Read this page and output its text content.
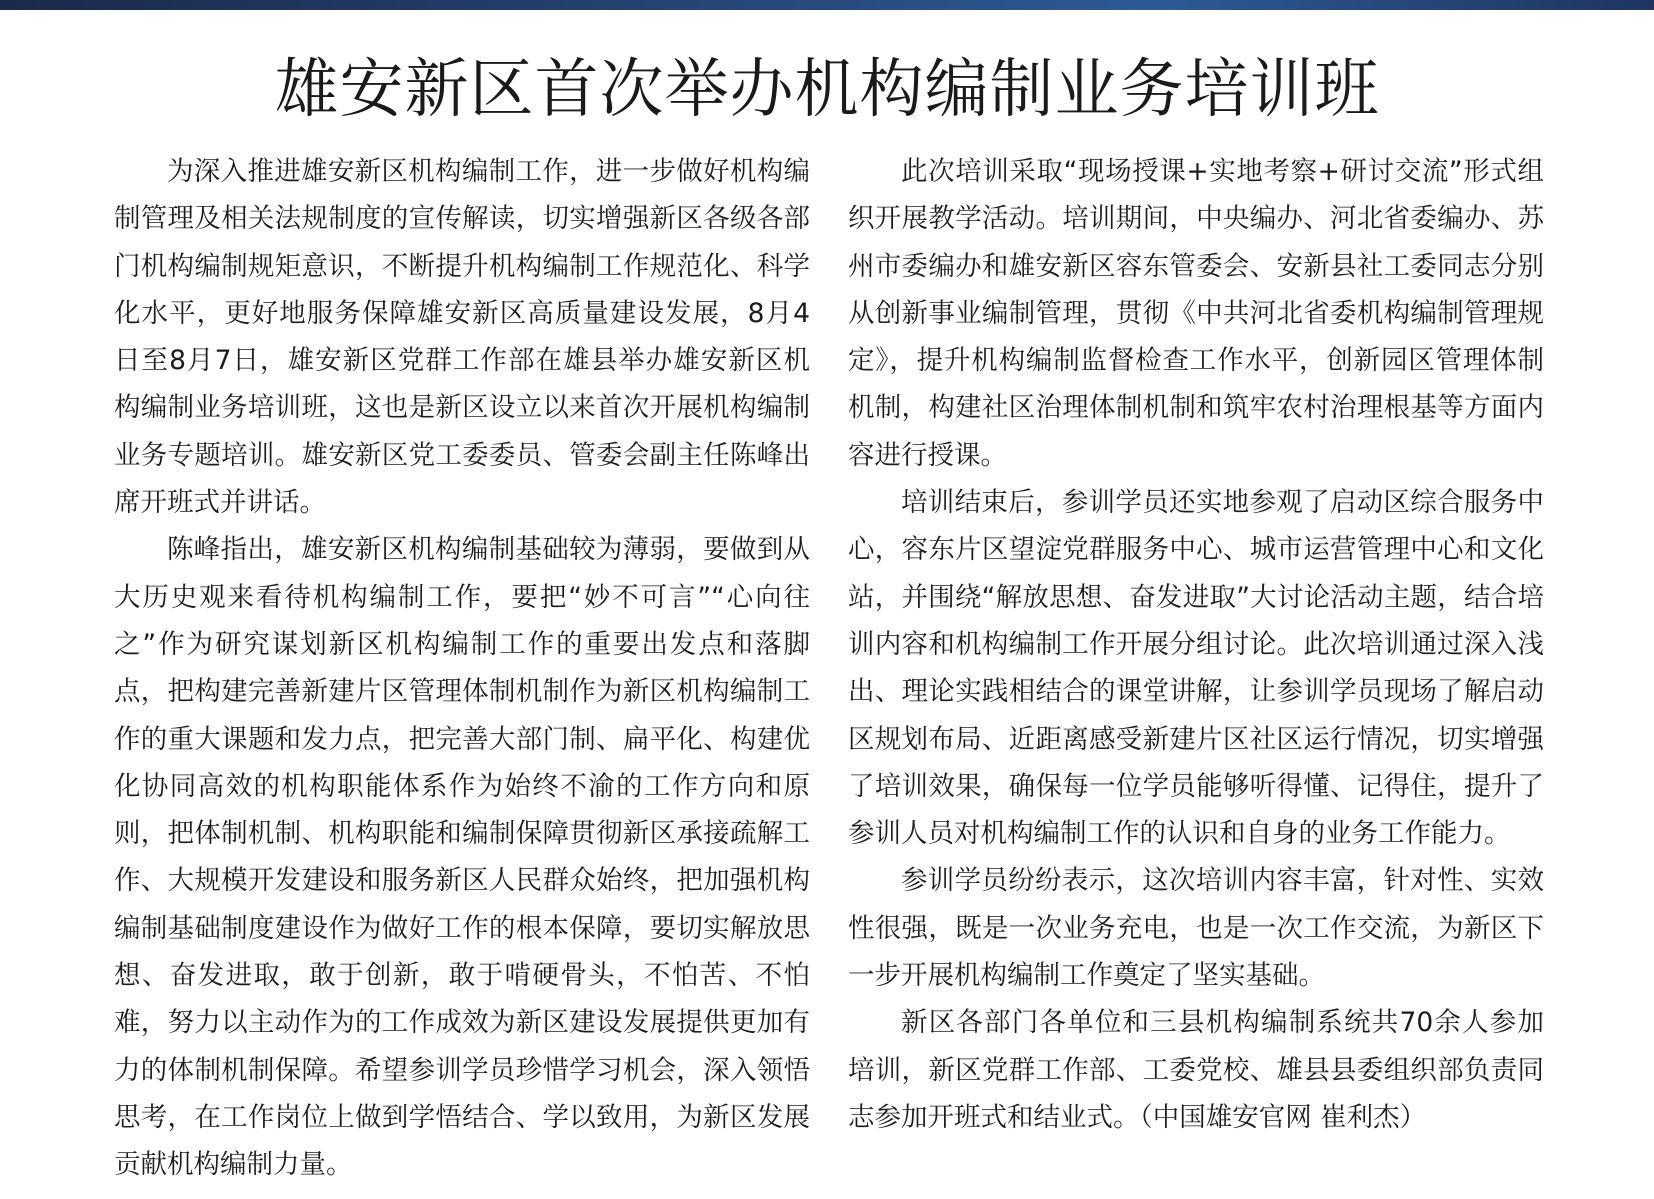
雄安新区首次举办机构编制业务培训班

为深入推进雄安新区机构编制工作，进一步做好机构编制管理及相关法规制度的宣传解读，切实增强新区各级各部门机构编制规矩意识，不断提升机构编制工作规范化、科学化水平，更好地服务保障雄安新区高质量建设发展，8月4日至8月7日，雄安新区党群工作部在雄县举办雄安新区机构编制业务培训班，这也是新区设立以来首次开展机构编制业务专题培训。雄安新区党工委委员、管委会副主任陈峰出席开班式并讲话。

陈峰指出，雄安新区机构编制基础较为薄弱，要做到从大历史观来看待机构编制工作，要把“妙不可言”“心向往之”作为研究谋划新区机构编制工作的重要出发点和落脚点，把构建完善新建片区管理体制机制作为新区机构编制工作的重大课题和发力点，把完善大部门制、扁平化、构建优化协同高效的机构职能体系作为始终不渝的工作方向和原则，把体制机制、机构职能和编制保障贯彻新区承接疏解工作、大规模开发建设和服务新区人民群众始终，把加强机构编制基础制度建设作为做好工作的根本保障，要切实解放思想、奋发进取，敢于创新，敢于啃硬骨头，不怕苦、不怕难，努力以主动作为的工作成效为新区建设发展提供更加有力的体制机制保障。希望参训学员珍惜学习机会，深入领悟思考，在工作岗位上做到学悟结合、学以致用，为新区发展贡献机构编制力量。

此次培训采取“现场授课+实地考察+研讨交流”形式组织开展教学活动。培训期间，中央编办、河北省委编办、苏州市委编办和雄安新区容东管委会、安新县社工委同志分别从创新事业编制管理，贯彻《中共河北省委机构编制管理规定》，提升机构编制监督检查工作水平，创新园区管理体制机制，构建社区治理体制机制和筑牢农村治理根基等方面内容进行授课。

培训结束后，参训学员还实地参观了启动区综合服务中心，容东片区望淀党群服务中心、城市运营管理中心和文化站，并围绕“解放思想、奋发进取”大讨论活动主题，结合培训内容和机构编制工作开展分组讨论。此次培训通过深入浅出、理论实践相结合的课堂讲解，让参训学员现场了解启动区规划布局、近距离感受新建片区社区运行情况，切实增强了培训效果，确保每一位学员能够听得懂、记得住，提升了参训人员对机构编制工作的认识和自身的业务工作能力。

参训学员纷纷表示，这次培训内容丰富，针对性、实效性很强，既是一次业务充电，也是一次工作交流，为新区下一步开展机构编制工作奠定了坚实基础。

新区各部门各单位和三县机构编制系统共70余人参加培训，新区党群工作部、工委党校、雄县县委组织部负责同志参加开班式和结业式。（中国雄安官网 崔利杰）
